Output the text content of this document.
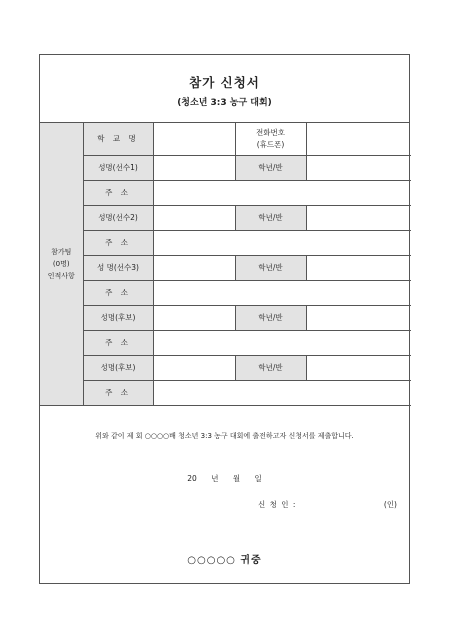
참가 신청서
(청소년 3:3 농구 대회)
참가팀
(0명)
인적사항	학 교 명		전화번호
(휴드폰)	

	성명(선수1)		학년/반	
	주 소			
	성명(선수2)		학년/반	
	주 소			
	성 명(선수3)		학년/반	
	주 소			
	성명(후보)		학년/반	
	주 소			
	성명(후보)		학년/반	
	주 소			
위와 같이 제 회 ○○○○배 청소년 3:3 농구 대회에 출전하고자 신청서를 제출합니다.
20 년 월 일
신 청 인 :	(인)
○○○○○ 귀중
